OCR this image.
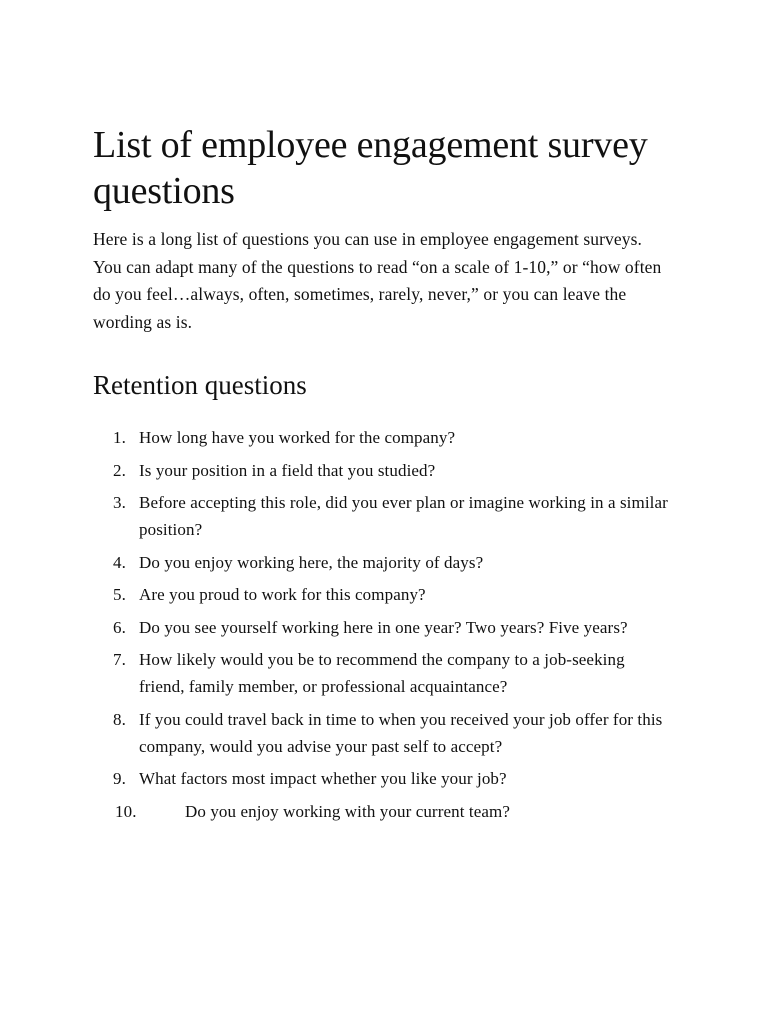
List of employee engagement survey questions

Here is a long list of questions you can use in employee engagement surveys. You can adapt many of the questions to read “on a scale of 1-10,” or “how often do you feel…always, often, sometimes, rarely, never,” or you can leave the wording as is.

Retention questions
1. How long have you worked for the company?
2. Is your position in a field that you studied?
3. Before accepting this role, did you ever plan or imagine working in a similar position?
4. Do you enjoy working here, the majority of days?
5. Are you proud to work for this company?
6. Do you see yourself working here in one year? Two years? Five years?
7. How likely would you be to recommend the company to a job-seeking friend, family member, or professional acquaintance?
8. If you could travel back in time to when you received your job offer for this company, would you advise your past self to accept?
9. What factors most impact whether you like your job?
10.	Do you enjoy working with your current team?
